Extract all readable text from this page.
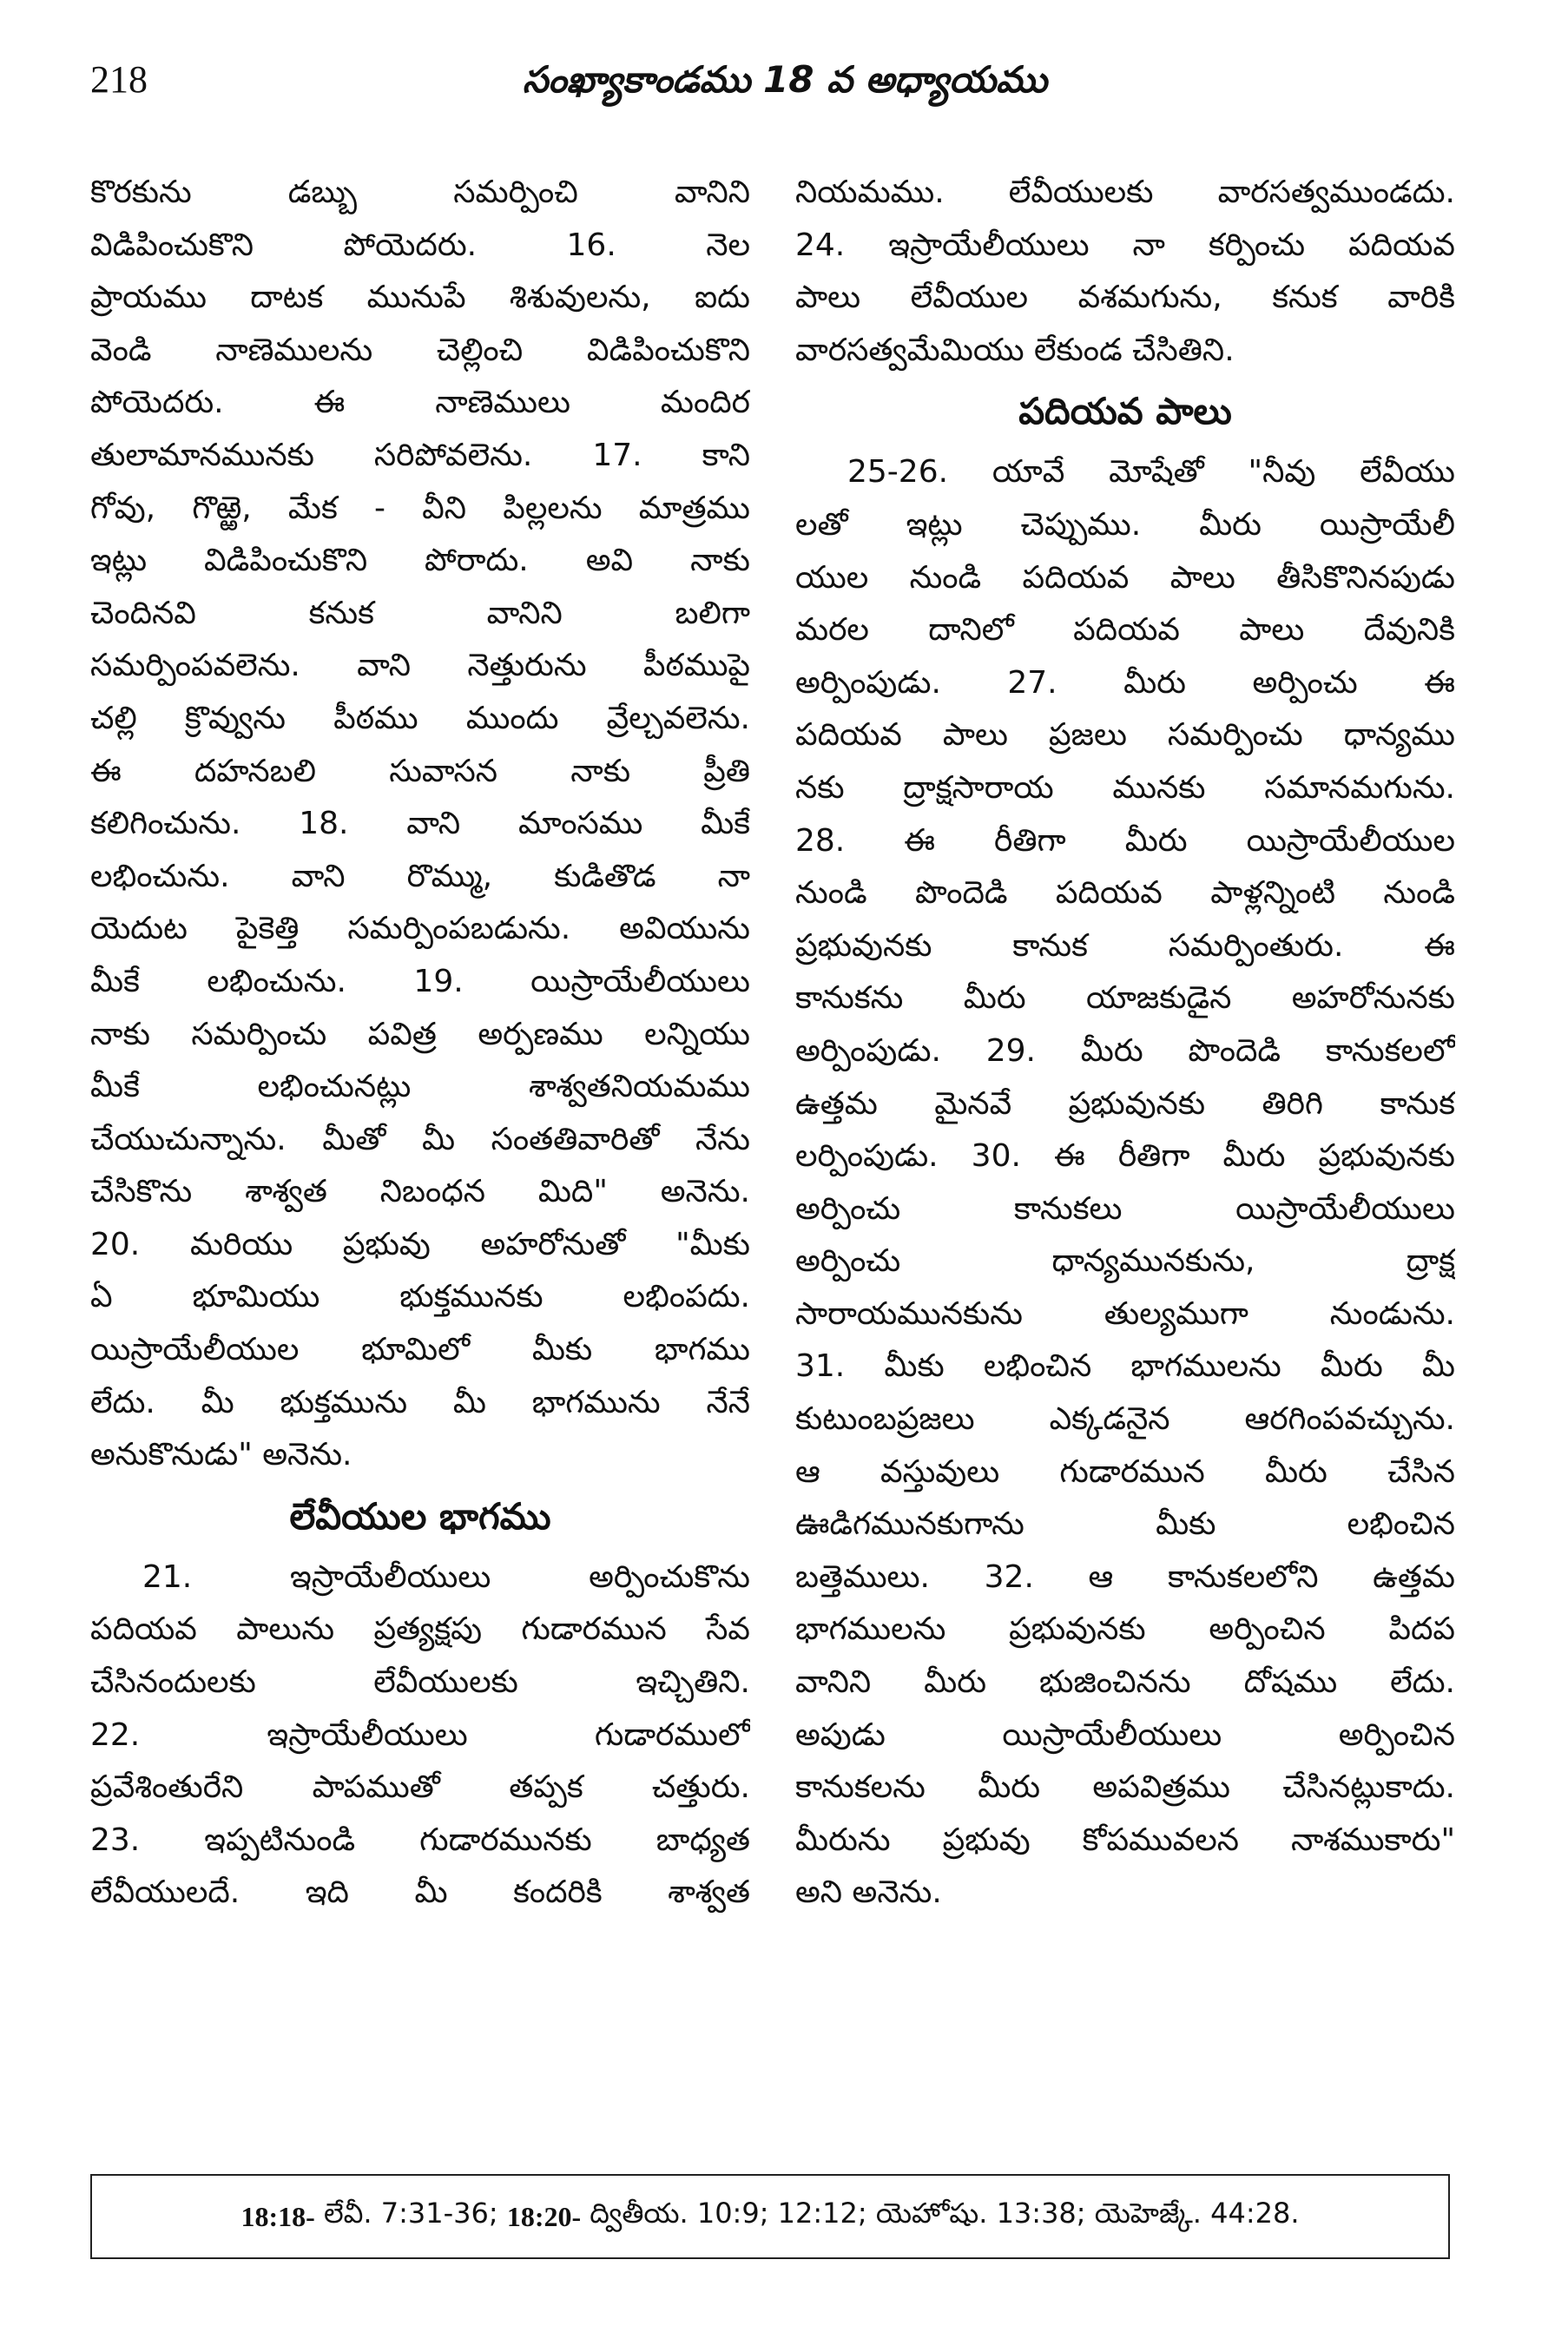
218	సంఖ్యాకాండము 18 వ అధ్యాయము
కొరకును డబ్బు సమర్పించి వానిని
విడిపించుకొని పోయెదరు. 16. నెల
ప్రాయము దాటక మునుపే శిశువులను, ఐదు
వెండి నాణెములను చెల్లించి విడిపించుకొని
పోయెదరు. ఈ నాణెములు మందిర
తులామానమునకు సరిపోవలెను. 17. కాని
గోవు, గొఱ్ఱె, మేక - వీని పిల్లలను మాత్రము
ఇట్లు విడిపించుకొని పోరాదు. అవి నాకు
చెందినవి కనుక వానిని బలిగా
సమర్పింపవలెను. వాని నెత్తురును పీఠముపై
చల్లి క్రొవ్వును పీఠము ముందు వ్రేల్చవలెను.
ఈ దహనబలి సువాసన నాకు ప్రీతి
కలిగించును. 18. వాని మాంసము మీకే
లభించును. వాని రొమ్ము, కుడితొడ నా
యెదుట పైకెత్తి సమర్పింపబడును. అవియును
మీకే లభించును. 19. యిస్రాయేలీయులు
నాకు సమర్పించు పవిత్ర అర్పణము లన్నియు
మీకే లభించునట్లు శాశ్వతనియమము
చేయుచున్నాను. మీతో మీ సంతతివారితో నేను
చేసికొను శాశ్వత నిబంధన మిది" అనెను.
20. మరియు ప్రభువు అహరోనుతో "మీకు
ఏ భూమియు భుక్తమునకు లభింపదు.
యిస్రాయేలీయుల భూమిలో మీకు భాగము
లేదు. మీ భుక్తమును మీ భాగమును నేనే
అనుకొనుడు" అనెను.
లేవీయుల భాగము
21. ఇస్రాయేలీయులు అర్పించుకొను
పదియవ పాలును ప్రత్యక్షపు గుడారమున సేవ
చేసినందులకు లేవీయులకు ఇచ్చితిని.
22. ఇస్రాయేలీయులు గుడారములో
ప్రవేశింతురేని పాపముతో తప్పక చత్తురు.
23. ఇప్పటినుండి గుడారమునకు బాధ్యత
లేవీయులదే. ఇది మీ కందరికి శాశ్వత
నియమము. లేవీయులకు వారసత్వముండదు.
24. ఇస్రాయేలీయులు నా కర్పించు పదియవ
పాలు లేవీయుల వశమగును, కనుక వారికి
వారసత్వమేమియు లేకుండ చేసితిని.
పదియవ పాలు
25-26. యావే మోషేతో "నీవు లేవీయు
లతో ఇట్లు చెప్పుము. మీరు యిస్రాయేలీ
యుల నుండి పదియవ పాలు తీసికొనినపుడు
మరల దానిలో పదియవ పాలు దేవునికి
అర్పింపుడు. 27. మీరు అర్పించు ఈ
పదియవ పాలు ప్రజలు సమర్పించు ధాన్యము
నకు ద్రాక్షసారాయ మునకు సమానమగును.
28. ఈ రీతిగా మీరు యిస్రాయేలీయుల
నుండి పొందెడి పదియవ పాళ్లన్నింటి నుండి
ప్రభువునకు కానుక సమర్పింతురు. ఈ
కానుకను మీరు యాజకుడైన అహరోనునకు
అర్పింపుడు. 29. మీరు పొందెడి కానుకలలో
ఉత్తమ మైనవే ప్రభువునకు తిరిగి కానుక
లర్పింపుడు. 30. ఈ రీతిగా మీరు ప్రభువునకు
అర్పించు కానుకలు యిస్రాయేలీయులు
అర్పించు ధాన్యమునకును, ద్రాక్ష
సారాయమునకును తుల్యముగా నుండును.
31. మీకు లభించిన భాగములను మీరు మీ
కుటుంబప్రజలు ఎక్కడనైన ఆరగింపవచ్చును.
ఆ వస్తువులు గుడారమున మీరు చేసిన
ఊడిగమునకుగాను మీకు లభించిన
బత్తెములు. 32. ఆ కానుకలలోని ఉత్తమ
భాగములను ప్రభువునకు అర్పించిన పిదప
వానిని మీరు భుజించినను దోషము లేదు.
అపుడు యిస్రాయేలీయులు అర్పించిన
కానుకలను మీరు అపవిత్రము చేసినట్లుకాదు.
మీరును ప్రభువు కోపమువలన నాశముకారు"
అని అనెను.
18:18- లేవీ. 7:31-36; 18:20- ద్వితీయ. 10:9; 12:12; యెహోషు. 13:38; యెహెజ్కే. 44:28.
